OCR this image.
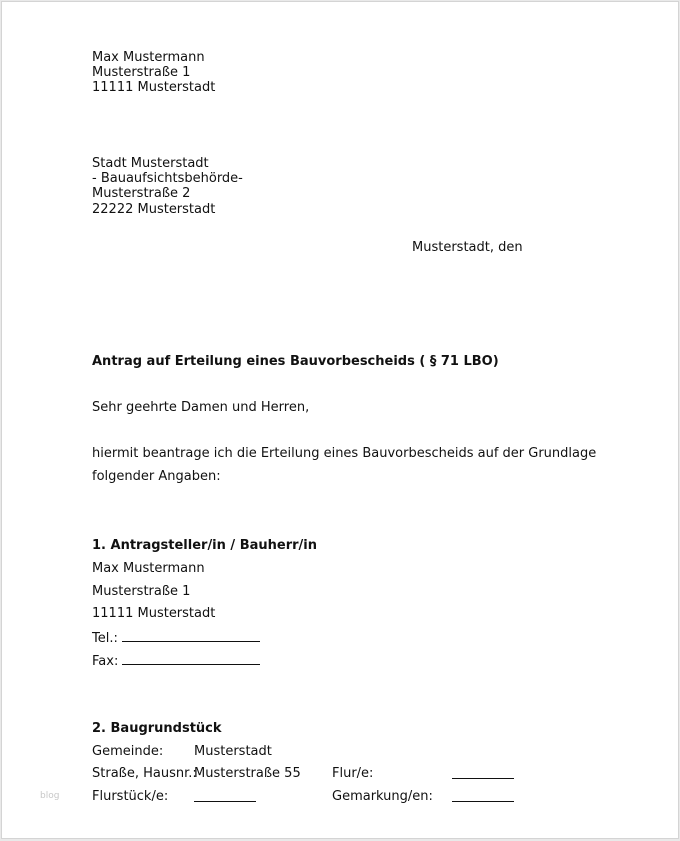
Max Mustermann
Musterstraße 1
11111 Musterstadt
Stadt Musterstadt
- Bauaufsichtsbehörde-
Musterstraße 2
22222 Musterstadt
Musterstadt, den
Antrag auf Erteilung eines Bauvorbescheids ( § 71 LBO)
Sehr geehrte Damen und Herren,
hiermit beantrage ich die Erteilung eines Bauvorbescheids auf der Grundlage
folgender Angaben:
1. Antragsteller/in / Bauherr/in
Max Mustermann
Musterstraße 1
11111 Musterstadt
Tel.:
Fax:
2. Baugrundstück
Gemeinde: Musterstadt
Straße, Hausnr.:
Musterstraße 55 Flur/e:
Flurstück/e:	Gemarkung/en:
blog
